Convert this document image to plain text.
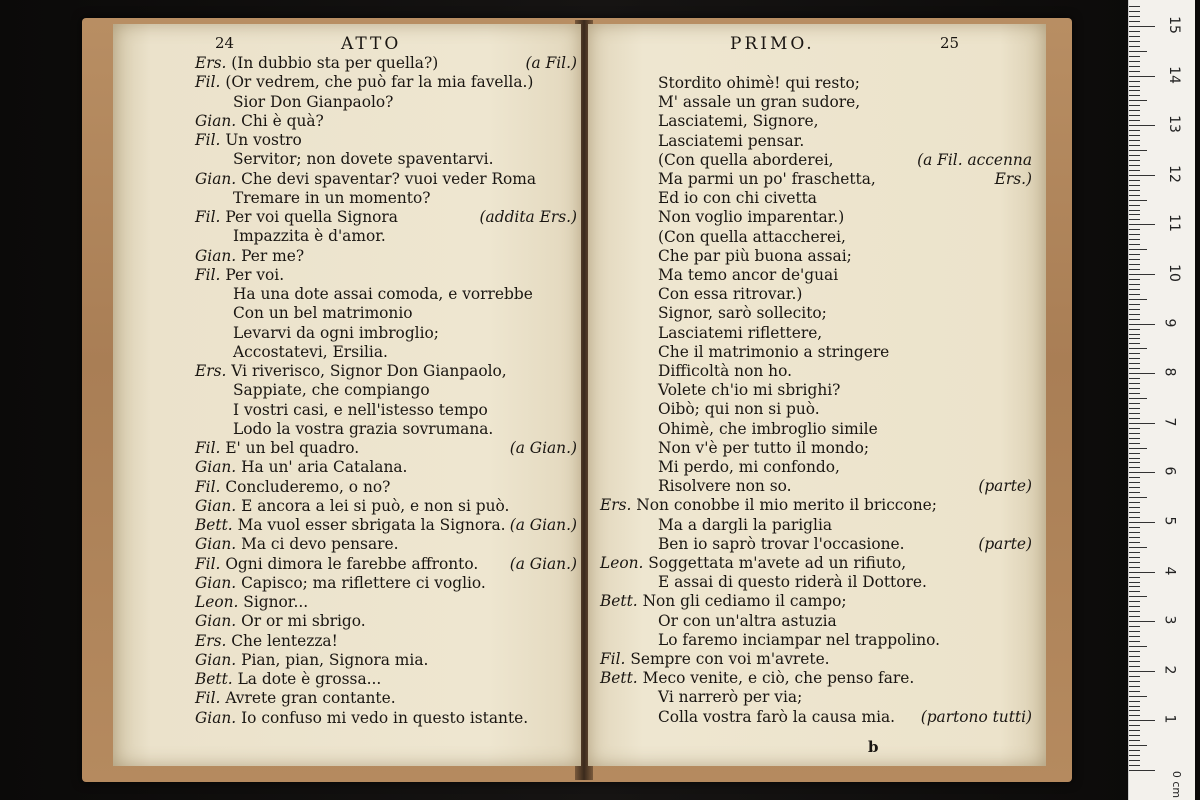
24	ATTO
Ers. (In dubbio sta per quella?)	(a Fil.)
Fil. (Or vedrem, che può far la mia favella.)
Sior Don Gianpaolo?
Gian. Chi è quà?
Fil. Un vostro
Servitor; non dovete spaventarvi.
Gian. Che devi spaventar? vuoi veder Roma
Tremare in un momento?
Fil. Per voi quella Signora	(addita Ers.)
Impazzita è d'amor.
Gian. Per me?
Fil. Per voi.
Ha una dote assai comoda, e vorrebbe
Con un bel matrimonio
Levarvi da ogni imbroglio;
Accostatevi, Ersilia.
Ers. Vi riverisco, Signor Don Gianpaolo,
Sappiate, che compiango
I vostri casi, e nell'istesso tempo
Lodo la vostra grazia sovrumana.
Fil. E' un bel quadro.	(a Gian.)
Gian. Ha un' aria Catalana.
Fil. Concluderemo, o no?
Gian. E ancora a lei si può, e non si può.
Bett. Ma vuol esser sbrigata la Signora. (a Gian.)
Gian. Ma ci devo pensare.
Fil. Ogni dimora le farebbe affronto. (a Gian.)
Gian. Capisco; ma riflettere ci voglio.
Leon. Signor...
Gian. Or or mi sbrigo.
Ers. Che lentezza!
Gian. Pian, pian, Signora mia.
Bett. La dote è grossa...
Fil. Avrete gran contante.
Gian. Io confuso mi vedo in questo istante.
PRIMO.	25
Stordito ohimè! qui resto;
M' assale un gran sudore,
Lasciatemi, Signore,
Lasciatemi pensar.
(Con quella aborderei,	(a Fil. accenna
Ma parmi un po' fraschetta,	Ers.)
Ed io con chi civetta
Non voglio imparentar.)
(Con quella attaccherei,
Che par più buona assai;
Ma temo ancor de'guai
Con essa ritrovar.)
Signor, sarò sollecito;
Lasciatemi riflettere,
Che il matrimonio a stringere
Difficoltà non ho.
Volete ch'io mi sbrighi?
Oibò; qui non si può.
Ohimè, che imbroglio simile
Non v'è per tutto il mondo;
Mi perdo, mi confondo,
Risolvere non so.	(parte)
Ers. Non conobbe il mio merito il briccone;
Ma a dargli la pariglia
Ben io saprò trovar l'occasione.	(parte)
Leon. Soggettata m'avete ad un rifiuto,
E assai di questo riderà il Dottore.
Bett. Non gli cediamo il campo;
Or con un'altra astuzia
Lo faremo inciampar nel trappolino.
Fil. Sempre con voi m'avrete.
Bett. Meco venite, e ciò, che penso fare.
Vi narrerò per via;
Colla vostra farò la causa mia. (partono tutti)
b
0 cm
1
2
3
4
5
6
7
8
9
10
11
12
13
14
15
